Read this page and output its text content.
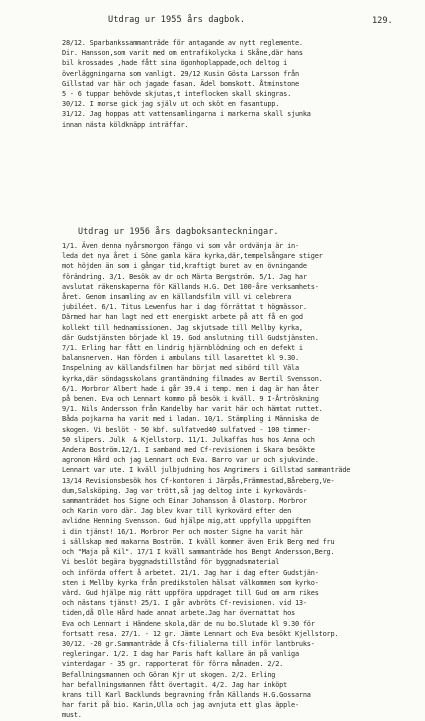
Utdrag ur 1955 års dagbok.	129.
28/12. Sparbankssammanträde för antagande av nytt reglemente.
Dir. Hansson,som varit med om entrafikolycka i Skåne,där hans
bil krossades ,hade fått sina ögonhoplappade,och deltog i
överläggningarna som vanligt. 29/12 Kusin Gösta Larsson från
Gillstad var här och jagade fasan. Ädel bomskott. Åtminstone
5 - 6 tuppar behövde skjutas,t inteflocken skall skingras.
30/12. I morse gick jag själv ut och sköt en fasantupp.
31/12. Jag hoppas att vattensamlingarna i markerna skall sjunka
innan nästa köldknäpp inträffar.
Utdrag ur 1956 års dagboksanteckningar.
1/1. Även denna nyårsmorgon fängo vi som vår ordvänja är in-
leda det nya året i Söne gamla kära kyrka,där,tempelsångare stiger
mot höjden än som i gångar tid,kraftigt buret av en övningande
förändring. 3/1. Besök av dr och Märta Bergström. 5/1. Jag har
avslutat räkenskaperna för Källands H.G. Det 100-åre verksamhets-
året. Genom insamling av en källandsfilm vill vi celebrera
jubiléet. 6/1. Titus Lewenfus har i dag förrättat t högmässor.
Därmed har han lagt ned ett energiskt arbete på att få en god
kollekt till hednamissionen. Jag skjutsade till Mellby kyrka,
där Gudstjänsten började kl 19. God anslutning till Gudstjänsten.
7/1. Erling har fått en lindrig hjärnblödning och en defekt i
balansnerven. Han förden i ambulans till lasarettet kl 9.30.
Inspelning av källandsfilmen har börjat med sibörd till Väla
kyrka,där söndagsskolans grantändning filmades av Bertil Svensson.
6/1. Morbror Albert hade i går 39.4 i temp. men i dag är han åter
på benen. Eva och Lennart kommo på besök i kväll. 9 I-Årtröskning
9/1. Nils Andersson från Kandelby har varit här och hämtat ruttet.
Båda pojkarna ha varit med i ladan. 10/1. Stämpling i Människa de
skogen. Vi beslöt - 50 kbf. sulfatved40 sulfatved - 100 timmer-
50 slipers. Julk  & Kjellstorp. 11/1. Julkaffas hos hos Anna och
Andera Boström.12/1. I samband med Cf-revisionen i Skara besökte
agronom Hård och jag Lennart och Eva. Barro var ur och sjukvinde.
Lennart var ute. I kväll julbjudning hos Angrimers i Gillstad sammanträde
13/14 Revisionsbesök hos Cf-kontoren i Järpås,Främmestad,Båreberg,Ve-
dum,Salsköping. Jag var trött,så jag deltog inte i kyrkovärds-
sammanträdet hos Signe och Einar Johansson å Olastorp. Morbror
och Karin voro där. Jag blev kvar till kyrkovärd efter den
avlidne Henning Svensson. Gud hjälpe mig,att uppfylla uppgiften
i din tjänst! 16/1. Morbror Per och moster Signe ha varit här
i sällskap med makarna Boström. I kväll kommer även Erik Berg med fru
och "Maja på Kil". 17/1 I kväll sammanträde hos Bengt Andersson,Berg.
Vi beslöt begära byggnadstillstånd för byggnadsmaterial
och införda offert å arbetet. 21/1. Jag har i dag efter Gudstjän-
sten i Mellby kyrka från predikstolen hälsat välkommen som kyrko-
värd. Gud hjälpe mig rätt uppföra uppdraget till Gud om arm rikes
och nästans tjänst! 25/1. I går avbröts Cf-revisionen. vid 13-
tiden,då Olle Hård hade annat arbete.Jag har övernattat hos
Eva och Lennart i Händene skola,där de nu bo.Slutade kl 9.30 för
fortsatt resa. 27/1. - 12 gr. Jämte Lennart och Eva besökt Kjellstorp.
30/12. -20 gr.Sammanträde å Cfs-filialerna till inför lantbruks-
regleringar. 1/2. I dag har Paris haft kallare än på vanliga
vinterdagar - 35 gr. rapporterat för förra månaden. 2/2.
Befallningsmannen och Göran Kjr ut skogen. 2/2. Erling
har befallningsmannen fått övertagit. 4/2. Jag har inköpt
krans till Karl Backlunds begravning från Källands H.G.Gossarna
har farit på bio. Karin,Ulla och jag avnjuta ett glas äpple-
must.
